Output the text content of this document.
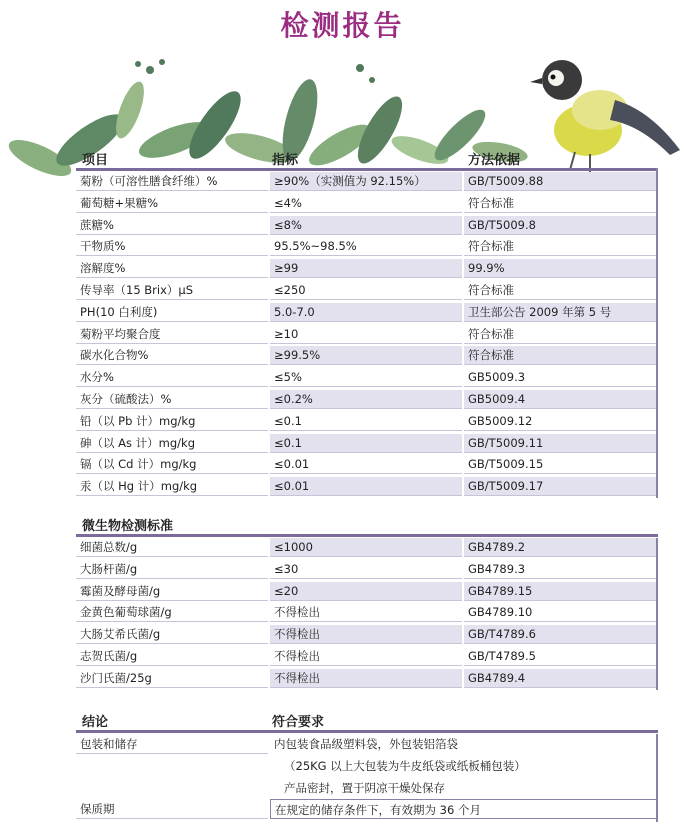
检测报告
项目	指标	方法依据
菊粉（可溶性膳食纤维）%	≥90%（实测值为 92.15%）	GB/T5009.88
葡萄糖+果糖%	≤4%	符合标准
蔗糖%	≤8%	GB/T5009.8
干物质%	95.5%~98.5%	符合标准
溶解度%	≥99	99.9%
传导率（15 Brix）μS	≤250	符合标准
PH(10 白利度)	5.0-7.0	卫生部公告 2009 年第 5 号
菊粉平均聚合度	≥10	符合标准
碳水化合物%	≥99.5%	符合标准
水分%	≤5%	GB5009.3
灰分（硫酸法）%	≤0.2%	GB5009.4
铅（以 Pb 计）mg/kg	≤0.1	GB5009.12
砷（以 As 计）mg/kg	≤0.1	GB/T5009.11
镉（以 Cd 计）mg/kg	≤0.01	GB/T5009.15
汞（以 Hg 计）mg/kg	≤0.01	GB/T5009.17
微生物检测标准
细菌总数/g	≤1000	GB4789.2
大肠杆菌/g	≤30	GB4789.3
霉菌及酵母菌/g	≤20	GB4789.15
金黄色葡萄球菌/g	不得检出	GB4789.10
大肠艾希氏菌/g	不得检出	GB/T4789.6
志贺氏菌/g	不得检出	GB/T4789.5
沙门氏菌/25g	不得检出	GB4789.4
结论	符合要求
包装和储存	内包装食品级塑料袋，外包装铝箔袋
（25KG 以上大包装为牛皮纸袋或纸板桶包装）
产品密封，置于阴凉干燥处保存
保质期	在规定的储存条件下，有效期为 36 个月
